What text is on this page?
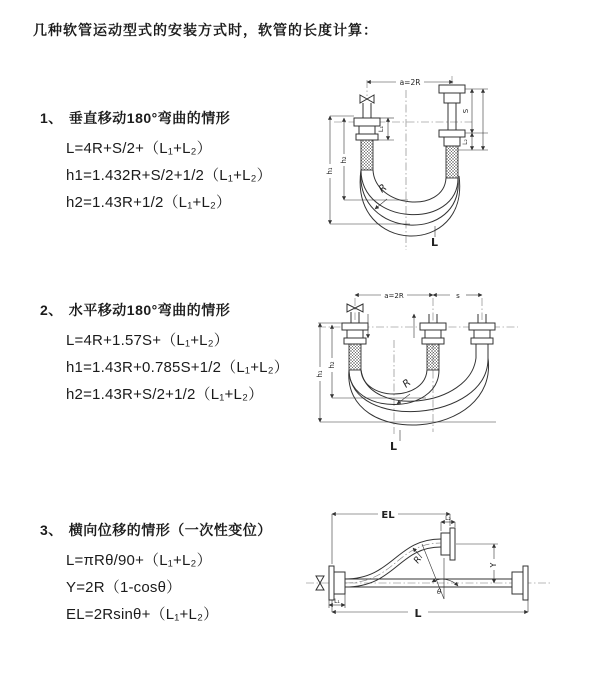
几种软管运动型式的安装方式时，软管的长度计算：
1、 垂直移动180°弯曲的情形
L=4R+S/2+（L₁+L₂）
h1=1.432R+S/2+1/2（L₁+L₂）
h2=1.43R+1/2（L₁+L₂）
2、 水平移动180°弯曲的情形
L=4R+1.57S+（L₁+L₂）
h1=1.43R+0.785S+1/2（L₁+L₂）
h2=1.43R+S/2+1/2（L₁+L₂）
3、 横向位移的情形（一次性变位）
L=πRθ/90+（L₁+L₂）
Y=2R（1-cosθ）
EL=2Rsinθ+（L₁+L₂）
a=2R
h₁
h₂
L₁
S
L₂
R
L
a=2R	s
h₁
h₂
R
L
EL	L₂
Y
L
L₁
θ
R
